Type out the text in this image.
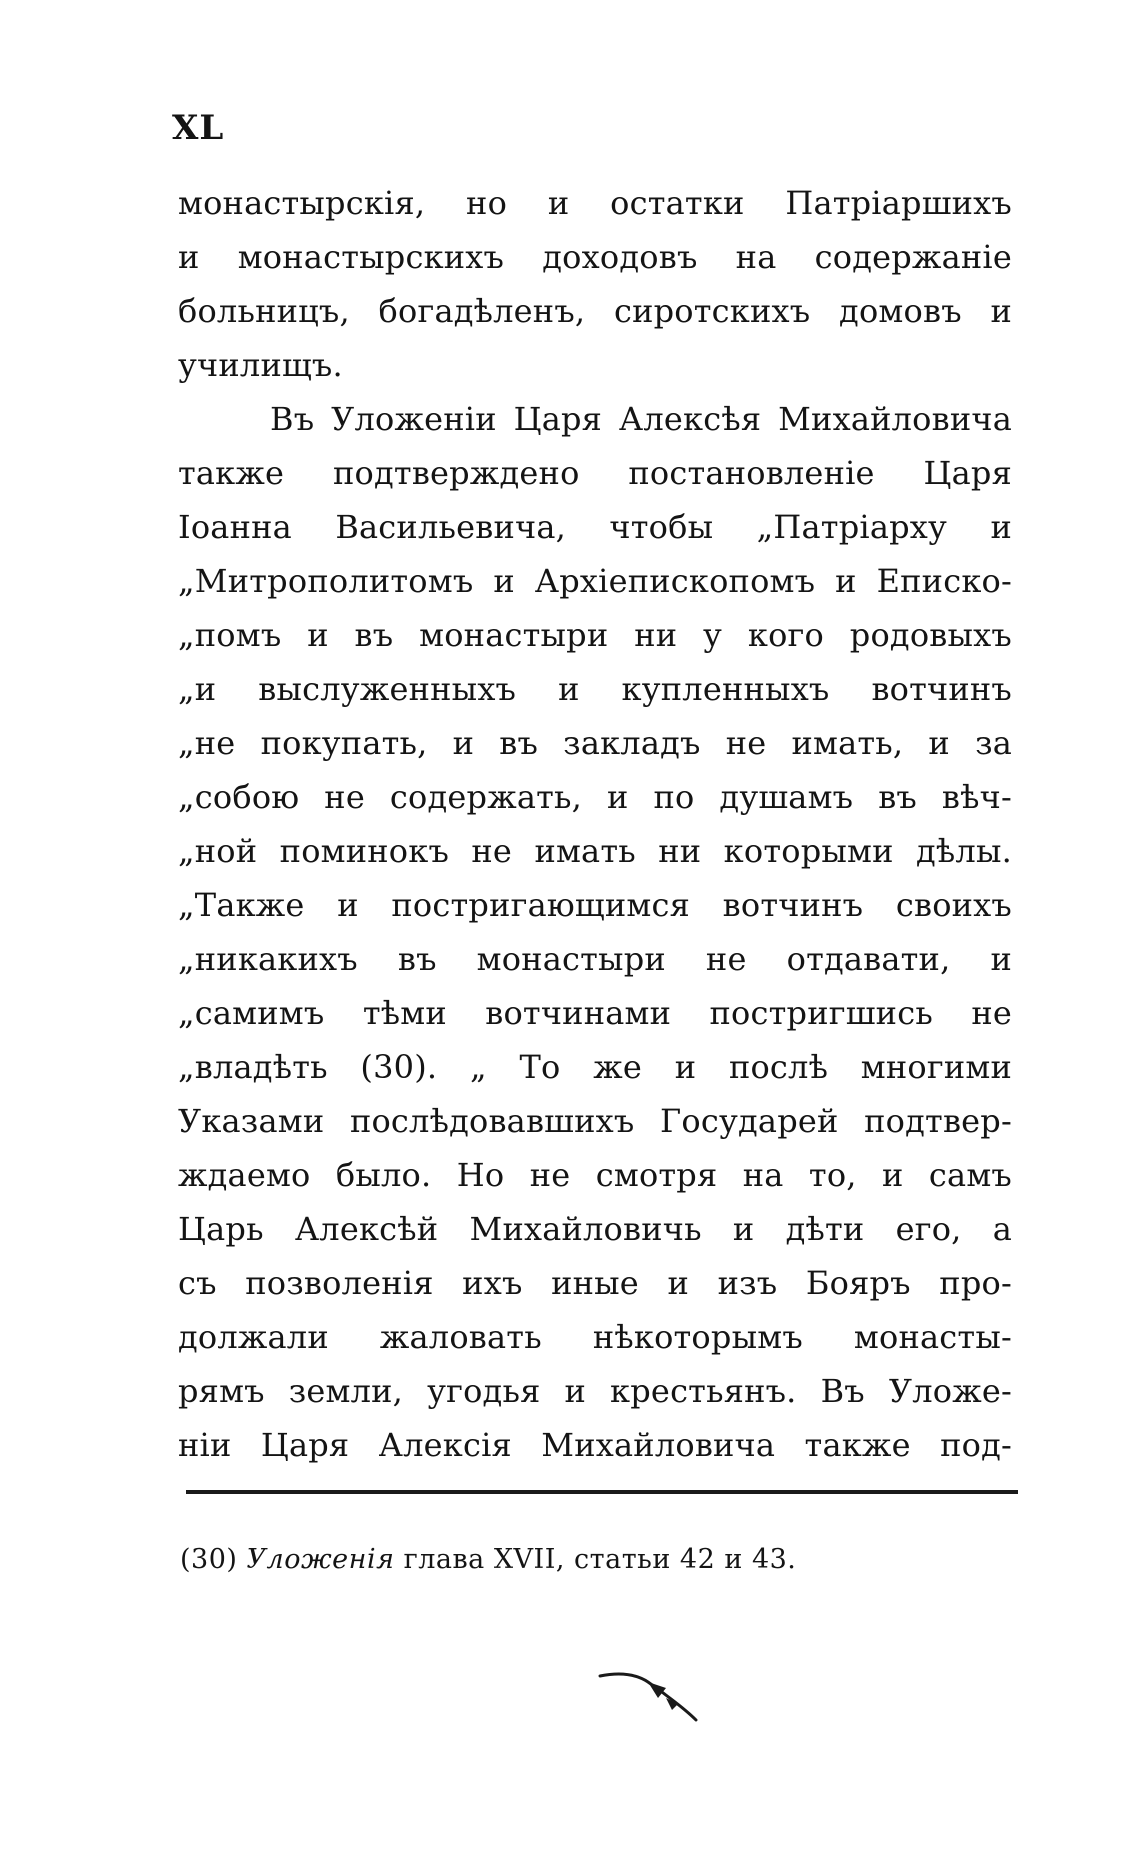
XL
монастырскія, но и остатки Патріаршихъ
и монастырскихъ доходовъ на содержаніе
больницъ, богадѣленъ, сиротскихъ домовъ и
училищъ.
Въ Уложеніи Царя Алексѣя Михайловича
также подтверждено постановленіе Царя
Іоанна Васильевича, чтобы „Патріарху и
„Митрополитомъ и Архіепископомъ и Еписко-
„помъ и въ монастыри ни у кого родовыхъ
„и выслуженныхъ и купленныхъ вотчинъ
„не покупать, и въ закладъ не имать, и за
„собою не содержать, и по душамъ въ вѣч-
„ной поминокъ не имать ни которыми дѣлы.
„Также и постригающимся вотчинъ своихъ
„никакихъ въ монастыри не отдавати, и
„самимъ тѣми вотчинами постригшись не
„владѣть (30). „ То же и послѣ многими
Указами послѣдовавшихъ Государей подтвер-
ждаемо было. Но не смотря на то, и самъ
Царь Алексѣй Михайловичь и дѣти его, а
съ позволенія ихъ иные и изъ Бояръ про-
должали жаловать нѣкоторымъ монасты-
рямъ земли, угодья и крестьянъ. Въ Уложе-
ніи Царя Алексія Михайловича также под-
(30) Уложенія глава XVII, статьи 42 и 43.
